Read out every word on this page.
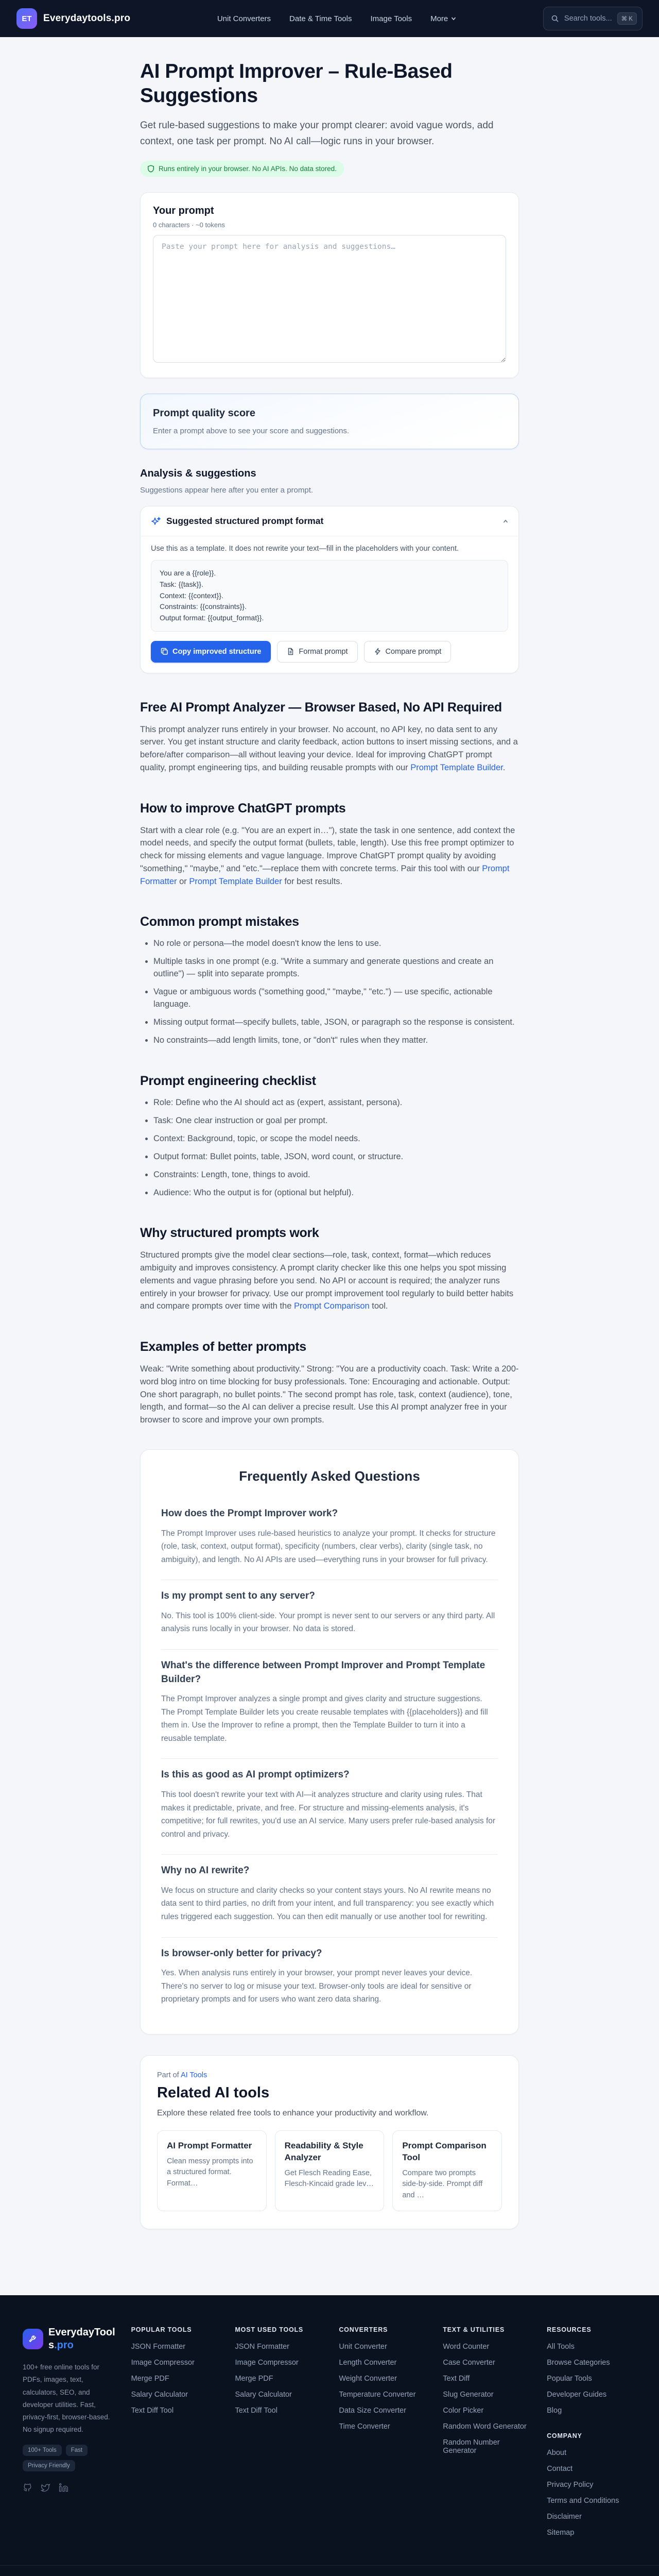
ET	Everydaytools.pro	Unit Converters Date & Time Tools Image Tools More	Search tools...	⌘ K
AI Prompt Improver – Rule-Based Suggestions

Get rule-based suggestions to make your prompt clearer: avoid vague words, add context, one task per prompt. No AI call—logic runs in your browser.

Runs entirely in your browser. No AI APIs. No data stored.
Your prompt
0 characters · ~0 tokens
Paste your prompt here for analysis and suggestions…
Prompt quality score

Enter a prompt above to see your score and suggestions.

Analysis & suggestions

Suggestions appear here after you enter a prompt.

Suggested structured prompt format

Use this as a template. It does not rewrite your text—fill in the placeholders with your content.

You are a {{role}}.
Task: {{task}}.
Context: {{context}}.
Constraints: {{constraints}}.
Output format: {{output_format}}.
Copy improved structure	Format prompt	Compare prompt
Free AI Prompt Analyzer — Browser Based, No API Required

This prompt analyzer runs entirely in your browser. No account, no API key, no data sent to any server. You get instant structure and clarity feedback, action buttons to insert missing sections, and a before/after comparison—all without leaving your device. Ideal for improving ChatGPT prompt quality, prompt engineering tips, and building reusable prompts with our Prompt Template Builder.

How to improve ChatGPT prompts

Start with a clear role (e.g. "You are an expert in…"), state the task in one sentence, add context the model needs, and specify the output format (bullets, table, length). Use this free prompt optimizer to check for missing elements and vague language. Improve ChatGPT prompt quality by avoiding "something," "maybe," and "etc."—replace them with concrete terms. Pair this tool with our Prompt Formatter or Prompt Template Builder for best results.

Common prompt mistakes
• No role or persona—the model doesn't know the lens to use.
• Multiple tasks in one prompt (e.g. "Write a summary and generate questions and create an outline") — split into separate prompts.
• Vague or ambiguous words ("something good," "maybe," "etc.") — use specific, actionable language.
• Missing output format—specify bullets, table, JSON, or paragraph so the response is consistent.
• No constraints—add length limits, tone, or "don't" rules when they matter.
Prompt engineering checklist
• Role: Define who the AI should act as (expert, assistant, persona).
• Task: One clear instruction or goal per prompt.
• Context: Background, topic, or scope the model needs.
• Output format: Bullet points, table, JSON, word count, or structure.
• Constraints: Length, tone, things to avoid.
• Audience: Who the output is for (optional but helpful).
Why structured prompts work

Structured prompts give the model clear sections—role, task, context, format—which reduces ambiguity and improves consistency. A prompt clarity checker like this one helps you spot missing elements and vague phrasing before you send. No API or account is required; the analyzer runs entirely in your browser for privacy. Use our prompt improvement tool regularly to build better habits and compare prompts over time with the Prompt Comparison tool.

Examples of better prompts

Weak: "Write something about productivity." Strong: "You are a productivity coach. Task: Write a 200-word blog intro on time blocking for busy professionals. Tone: Encouraging and actionable. Output: One short paragraph, no bullet points." The second prompt has role, task, context (audience), tone, length, and format—so the AI can deliver a precise result. Use this AI prompt analyzer free in your browser to score and improve your own prompts.

Frequently Asked Questions
How does the Prompt Improver work?

The Prompt Improver uses rule-based heuristics to analyze your prompt. It checks for structure (role, task, context, output format), specificity (numbers, clear verbs), clarity (single task, no ambiguity), and length. No AI APIs are used—everything runs in your browser for full privacy.

Is my prompt sent to any server?

No. This tool is 100% client-side. Your prompt is never sent to our servers or any third party. All analysis runs locally in your browser. No data is stored.

What's the difference between Prompt Improver and Prompt Template Builder?

The Prompt Improver analyzes a single prompt and gives clarity and structure suggestions. The Prompt Template Builder lets you create reusable templates with {{placeholders}} and fill them in. Use the Improver to refine a prompt, then the Template Builder to turn it into a reusable template.

Is this as good as AI prompt optimizers?

This tool doesn't rewrite your text with AI—it analyzes structure and clarity using rules. That makes it predictable, private, and free. For structure and missing-elements analysis, it's competitive; for full rewrites, you'd use an AI service. Many users prefer rule-based analysis for control and privacy.

Why no AI rewrite?

We focus on structure and clarity checks so your content stays yours. No AI rewrite means no data sent to third parties, no drift from your intent, and full transparency: you see exactly which rules triggered each suggestion. You can then edit manually or use another tool for rewriting.

Is browser-only better for privacy?

Yes. When analysis runs entirely in your browser, your prompt never leaves your device. There's no server to log or misuse your text. Browser-only tools are ideal for sensitive or proprietary prompts and for users who want zero data sharing.

Part of AI Tools
Related AI tools

Explore these related free tools to enhance your productivity and workflow.

AI Prompt Formatter

Clean messy prompts into a structured format. Format…

Readability & Style Analyzer

Get Flesch Reading Ease, Flesch-Kincaid grade lev…

Prompt Comparison Tool

Compare two prompts side-by-side. Prompt diff and …

EverydayTools.pro

100+ free online tools for PDFs, images, text, calculators, SEO, and developer utilities. Fast, privacy-first, browser-based. No signup required.

100+ Tools	Fast
Privacy Friendly
POPULAR TOOLS
JSON Formatter
Image Compressor
Merge PDF
Salary Calculator
Text Diff Tool
MOST USED TOOLS
JSON Formatter
Image Compressor
Merge PDF
Salary Calculator
Text Diff Tool
CONVERTERS
Unit Converter
Length Converter
Weight Converter
Temperature Converter
Data Size Converter
Time Converter
TEXT & UTILITIES
Word Counter
Case Converter
Text Diff
Slug Generator
Color Picker
Random Word Generator
Random Number Generator
RESOURCES
All Tools
Browse Categories
Popular Tools
Developer Guides
Blog
COMPANY
About
Contact
Privacy Policy
Terms and Conditions
Disclaimer
Sitemap
